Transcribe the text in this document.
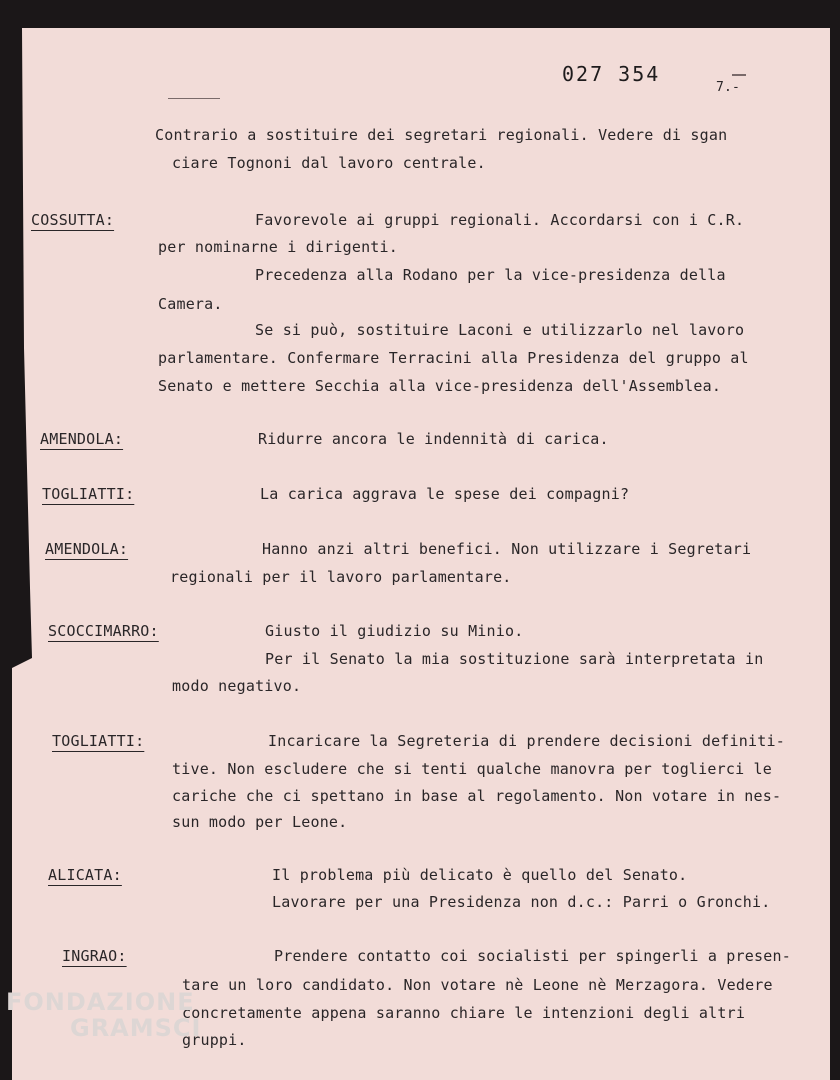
027 354
7.-
Contrario a sostituire dei segretari regionali. Vedere di sgan
ciare Tognoni dal lavoro centrale.
COSSUTTA:	Favorevole ai gruppi regionali. Accordarsi con i C.R.
per nominarne i dirigenti.
Precedenza alla Rodano per la vice-presidenza della
Camera.
Se si può, sostituire Laconi e utilizzarlo nel lavoro
parlamentare. Confermare Terracini alla Presidenza del gruppo al
Senato e mettere Secchia alla vice-presidenza dell'Assemblea.
AMENDOLA:	Ridurre ancora le indennità di carica.
TOGLIATTI:	La carica aggrava le spese dei compagni?
AMENDOLA:	Hanno anzi altri benefici. Non utilizzare i Segretari
regionali per il lavoro parlamentare.
SCOCCIMARRO:	Giusto il giudizio su Minio.
Per il Senato la mia sostituzione sarà interpretata in
modo negativo.
TOGLIATTI:	Incaricare la Segreteria di prendere decisioni definiti-
tive. Non escludere che si tenti qualche manovra per toglierci le
cariche che ci spettano in base al regolamento. Non votare in nes-
sun modo per Leone.
ALICATA:	Il problema più delicato è quello del Senato.
Lavorare per una Presidenza non d.c.: Parri o Gronchi.
INGRAO:	Prendere contatto coi socialisti per spingerli a presen-
tare un loro candidato. Non votare nè Leone nè Merzagora. Vedere
concretamente appena saranno chiare le intenzioni degli altri
gruppi.
FONDAZIONE
GRAMSCI
